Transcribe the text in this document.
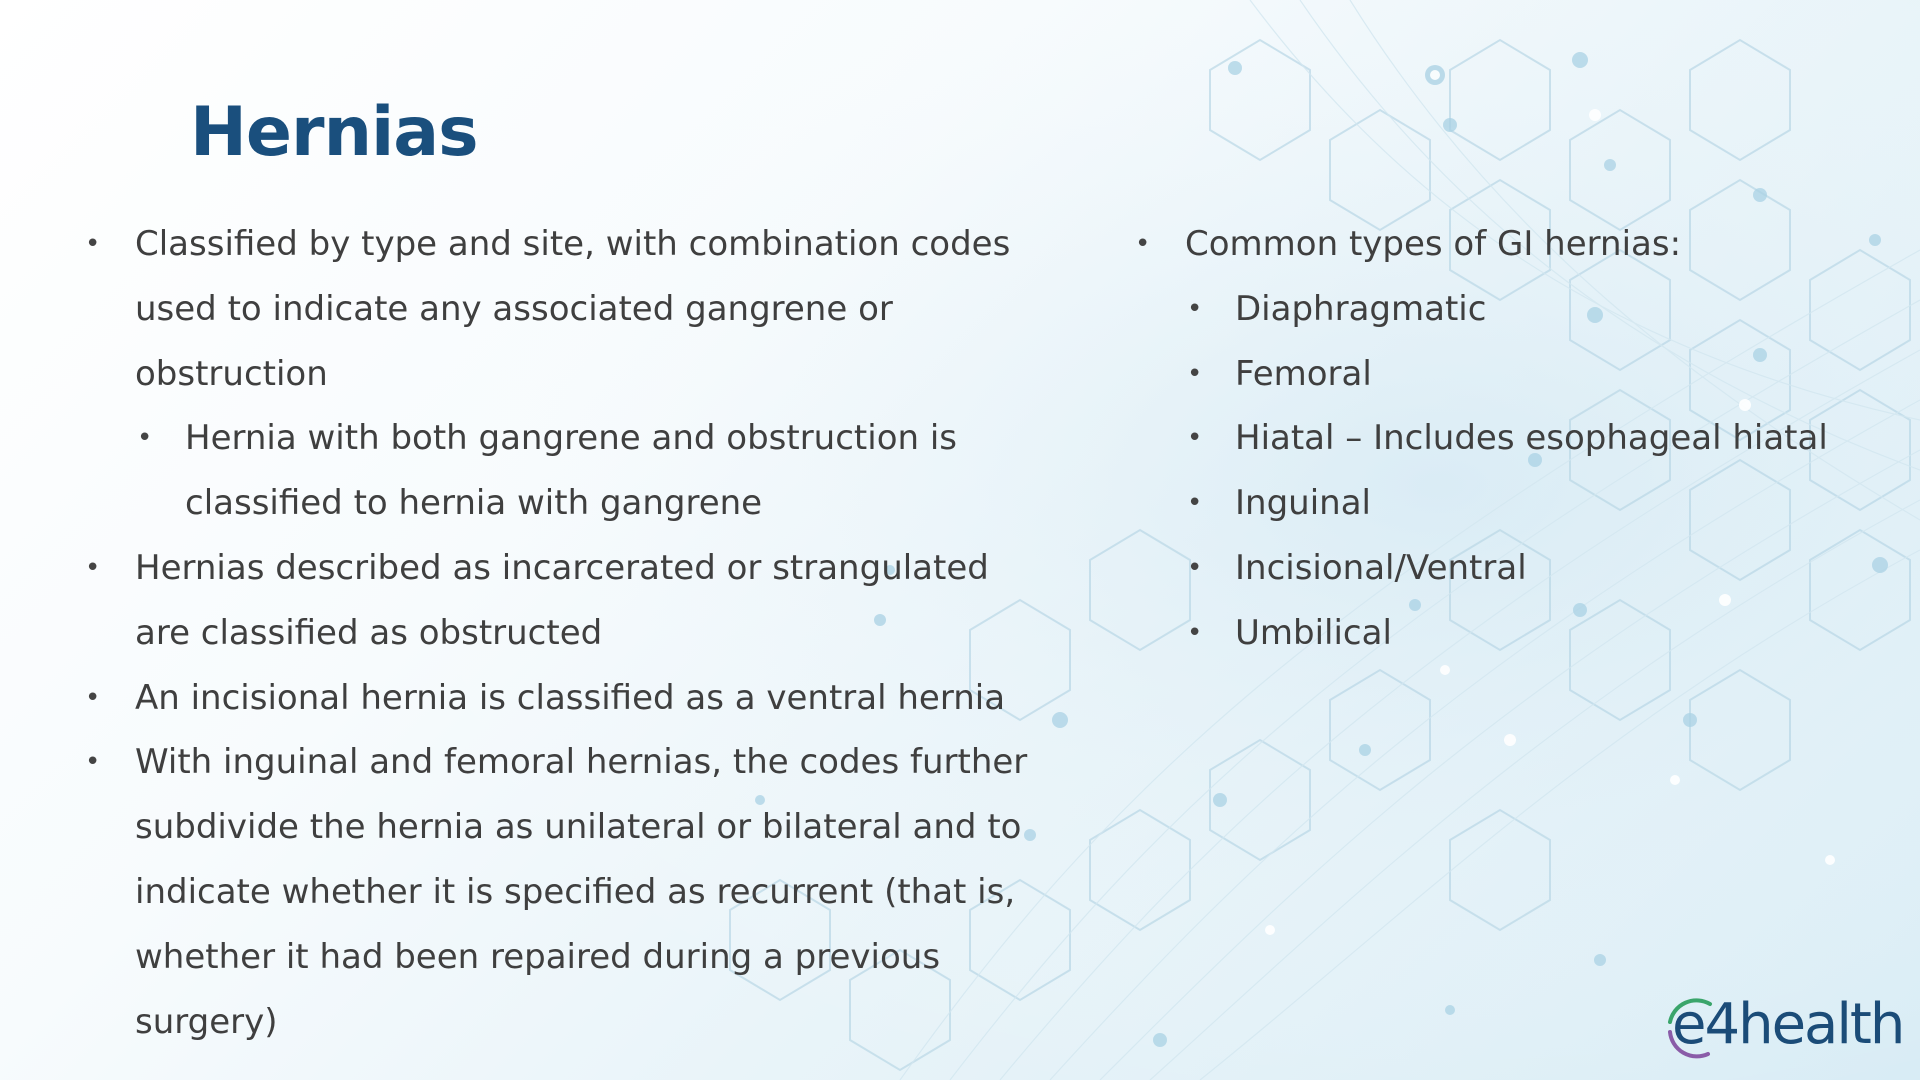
Hernias
• Classified by type and site, with combination codes used to indicate any associated gangrene or obstruction
• Hernia with both gangrene and obstruction is classified to hernia with gangrene
• Hernias described as incarcerated or strangulated are classified as obstructed
• An incisional hernia is classified as a ventral hernia
• With inguinal and femoral hernias, the codes further subdivide the hernia as unilateral or bilateral and to indicate whether it is specified as recurrent (that is, whether it had been repaired during a previous surgery)
• Common types of GI hernias:
• Diaphragmatic
• Femoral
• Hiatal – Includes esophageal hiatal
• Inguinal
• Incisional/Ventral
• Umbilical
e4health
